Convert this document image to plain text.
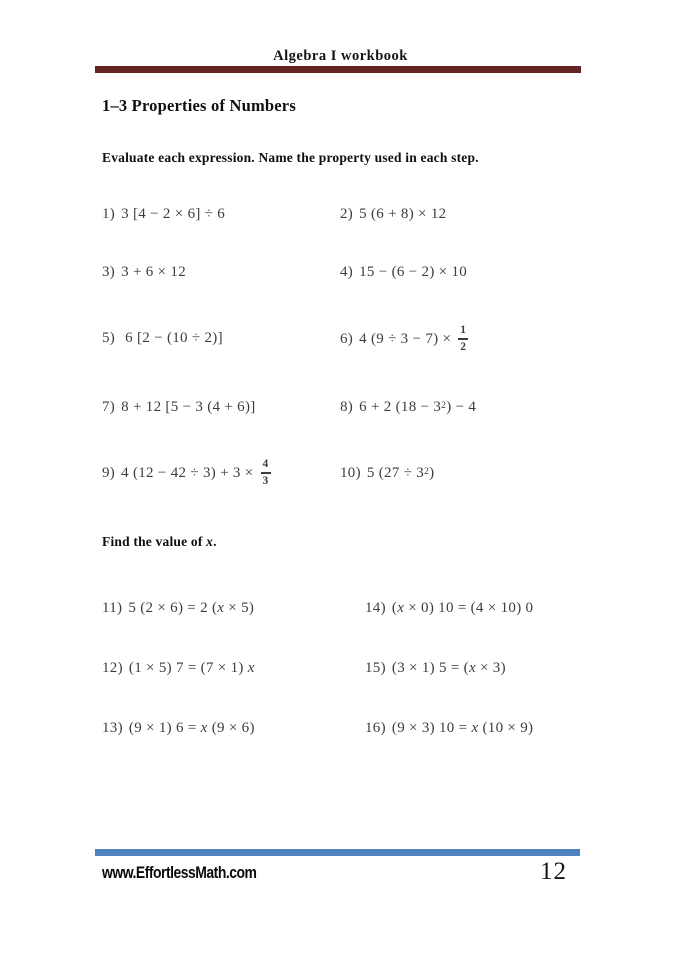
Algebra I workbook
1–3 Properties of Numbers
Evaluate each expression. Name the property used in each step.
1) 3 [4 − 2 × 6] ÷ 6	2) 5 (6 + 8) × 12
3) 3 + 6 × 12	4) 15 − (6 − 2) × 10
5) 6 [2 − (10 ÷ 2)]	6) 4 $(9 \div 3 - 7) \times \frac{1}{2}$
7) 8 + 12 [5 − 3 (4 + 6)]	8) 6 + 2 (18 − 3 2 ) − 4
9) 4 $(12 - 42 \div 3) + 3 \times \frac{4}{3}$	10) 5 (27 ÷ 3 2 )
Find the value of x.
11) 5 (2 × 6) = 2 ( x × 5)	14) ( x × 0) 10 = (4 × 10) 0
12) (1 × 5) 7 = (7 × 1) x	15) (3 × 1) 5 = ( x × 3)
13) (9 × 1) 6 = x (9 × 6)	16) (9 × 3) 10 = x (10 × 9)
www.EffortlessMath.com	12
